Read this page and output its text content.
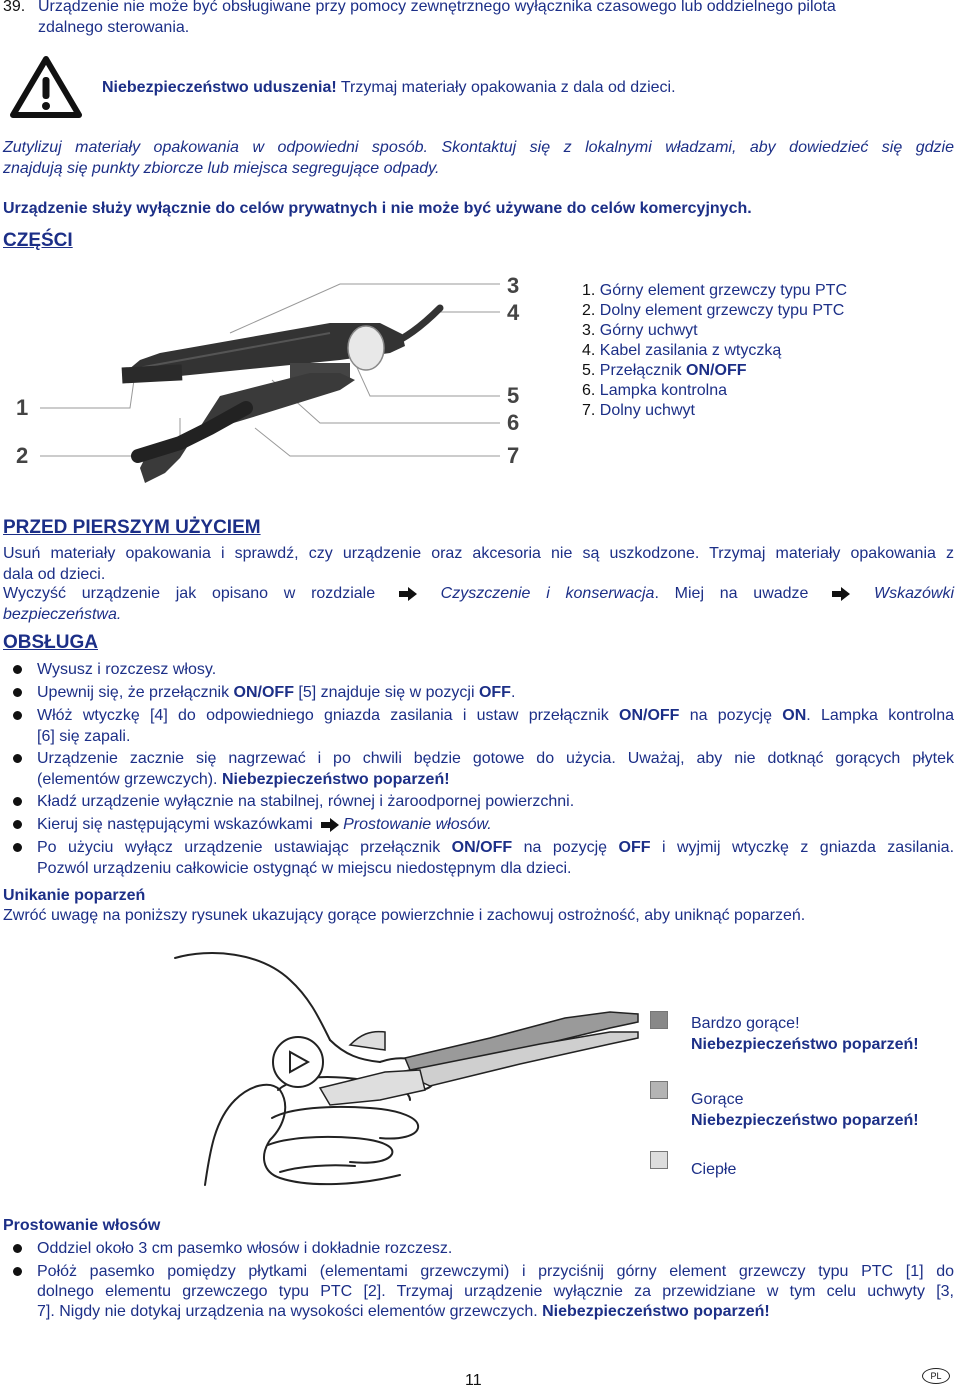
39. Urządzenie nie może być obsługiwane przy pomocy zewnętrznego wyłącznika czasowego lub oddzielnego pilota
zdalnego sterowania.
Niebezpieczeństwo uduszenia! Trzymaj materiały opakowania z dala od dzieci.
Zutylizuj materiały opakowania w odpowiedni sposób. Skontaktuj się z lokalnymi władzami, aby dowiedzieć się gdzie
znajdują się punkty zbiorcze lub miejsca segregujące odpady.
Urządzenie służy wyłącznie do celów prywatnych i nie może być używane do celów komercyjnych.
CZĘŚCI
3
4
1	5
6
2	7
1. Górny element grzewczy typu PTC
2. Dolny element grzewczy typu PTC
3. Górny uchwyt
4. Kabel zasilania z wtyczką
5. Przełącznik ON/OFF
6. Lampka kontrolna
7. Dolny uchwyt
PRZED PIERSZYM UŻYCIEM
Usuń materiały opakowania i sprawdź, czy urządzenie oraz akcesoria nie są uszkodzone. Trzymaj materiały opakowania z
dala od dzieci.
Wyczyść urządzenie jak opisano w rozdziale	Czyszczenie i konserwacja. Miej na uwadze	Wskazówki
bezpieczeństwa.
OBSŁUGA
Wysusz i rozczesz włosy.
Upewnij się, że przełącznik ON/OFF [5] znajduje się w pozycji OFF.
Włóż wtyczkę [4] do odpowiedniego gniazda zasilania i ustaw przełącznik ON/OFF na pozycję ON. Lampka kontrolna
[6] się zapali.
Urządzenie zacznie się nagrzewać i po chwili będzie gotowe do użycia. Uważaj, aby nie dotknąć gorących płytek
(elementów grzewczych). Niebezpieczeństwo poparzeń!
Kładź urządzenie wyłącznie na stabilnej, równej i żaroodpornej powierzchni.
Kieruj się następującymi wskazówkami Prostowanie włosów.
Po użyciu wyłącz urządzenie ustawiając przełącznik ON/OFF na pozycję OFF i wyjmij wtyczkę z gniazda zasilania.
Pozwól urządzeniu całkowicie ostygnąć w miejscu niedostępnym dla dzieci.
Unikanie poparzeń
Zwróć uwagę na poniższy rysunek ukazujący gorące powierzchnie i zachowuj ostrożność, aby uniknąć poparzeń.
Bardzo gorące!
Niebezpieczeństwo poparzeń!
Gorące
Niebezpieczeństwo poparzeń!
Ciepłe
Prostowanie włosów
Oddziel około 3 cm pasemko włosów i dokładnie rozczesz.
Połóż pasemko pomiędzy płytkami (elementami grzewczymi) i przyciśnij górny element grzewczy typu PTC [1] do
dolnego elementu grzewczego typu PTC [2]. Trzymaj urządzenie wyłącznie za przewidziane w tym celu uchwyty [3,
7]. Nigdy nie dotykaj urządzenia na wysokości elementów grzewczych. Niebezpieczeństwo poparzeń!
11	PL
